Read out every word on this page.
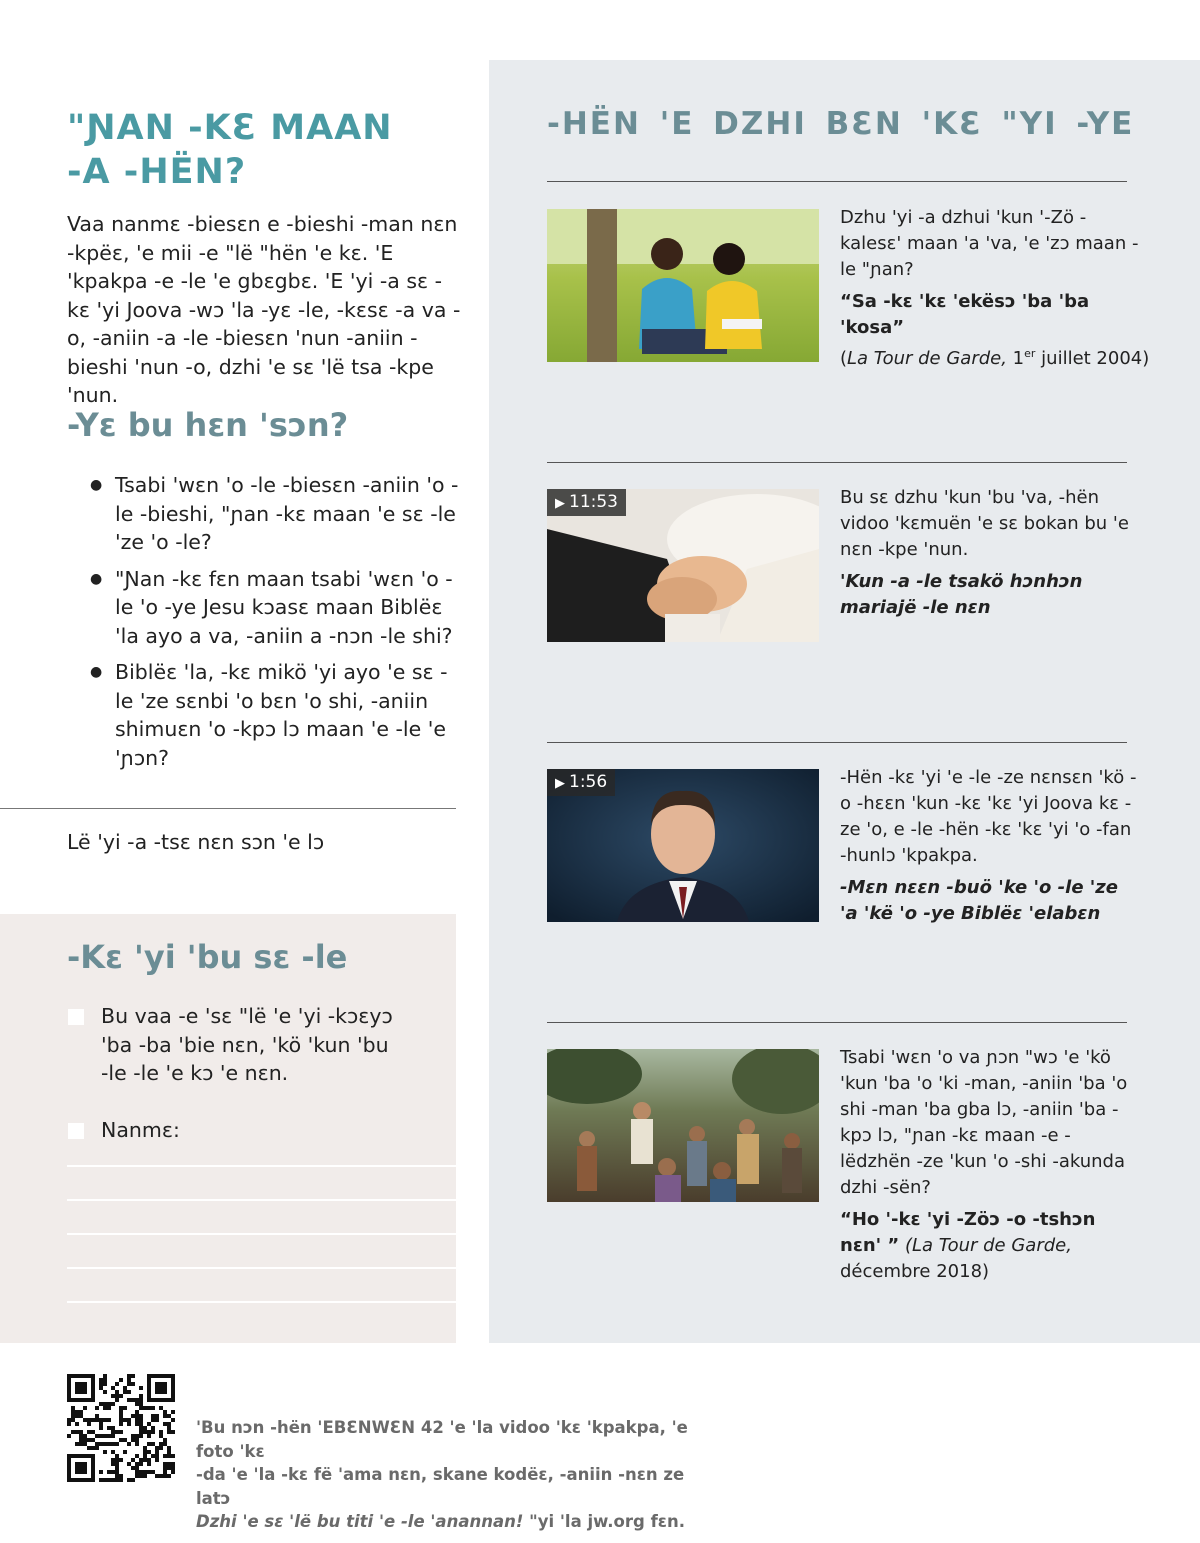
"ƝAN -KƐ MAAN
-A -HËN?
Vaa nanmɛ -biesɛn e -bieshi -man nɛn -kpëɛ, 'e mii -e "lë "hën 'e kɛ. 'E 'kpakpa -e -le 'e gbɛgbɛ. 'E 'yi -a sɛ -kɛ 'yi Joova -wɔ 'la -yɛ -le, -kɛsɛ -a va -o, -aniin -a -le -biesɛn 'nun -aniin -bieshi 'nun -o, dzhi 'e sɛ 'lë tsa -kpe 'nun.
-Yɛ bu hɛn 'sɔn?
● Tsabi 'wɛn 'o -le -biesɛn -aniin 'o -le -bieshi, "ɲan -kɛ maan 'e sɛ -le 'ze 'o -le?
● "Ɲan -kɛ fɛn maan tsabi 'wɛn 'o -le 'o -ye Jesu kɔasɛ maan Biblëɛ 'la ayo a va, -aniin a -nɔn -le shi?
● Biblëɛ 'la, -kɛ mikö 'yi ayo 'e sɛ -le 'ze sɛnbi 'o bɛn 'o shi, -aniin shimuɛn 'o -kpɔ lɔ maan 'e -le 'e 'ɲɔn?
Lë 'yi -a -tsɛ nɛn sɔn 'e lɔ
-Kɛ 'yi 'bu sɛ -le
Bu vaa -e 'sɛ "lë 'e 'yi -kɔɛyɔ 'ba -ba 'bie nɛn, 'kö 'kun 'bu -le -le 'e kɔ 'e nɛn.
Nanmɛ:
-HËN 'E DZHI BƐN 'KƐ "YI -YE
Dzhu 'yi -a dzhui 'kun '-Zö -kalesɛ' maan 'a 'va, 'e 'zɔ maan -le "ɲan?
“Sa -kɛ 'kɛ 'ekësɔ 'ba 'ba 'kosa”
(La Tour de Garde, 1er juillet 2004)
▶ 11:53	Bu sɛ dzhu 'kun 'bu 'va, -hën vidoo 'kɛmuën 'e sɛ bokan bu 'e nɛn -kpe 'nun.
'Kun -a -le tsakö hɔnhɔn mariajë -le nɛn
▶ 1:56	-Hën -kɛ 'yi 'e -le -ze nɛnsɛn 'kö -o -hɛɛn 'kun -kɛ 'kɛ 'yi Joova kɛ -ze 'o, e -le -hën -kɛ 'kɛ 'yi 'o -fan -hunlɔ 'kpakpa.
-Mɛn nɛɛn -buö 'ke 'o -le 'ze 'a 'kë 'o -ye Biblëɛ 'elabɛn
Tsabi 'wɛn 'o va ɲɔn "wɔ 'e 'kö 'kun 'ba 'o 'ki -man, -aniin 'ba 'o shi -man 'ba gba lɔ, -aniin 'ba -kpɔ lɔ, "ɲan -kɛ maan -e -lëdzhën -ze 'kun 'o -shi -akunda dzhi -sën?
“Ho '-kɛ 'yi -Zöɔ -o -tshɔn nɛn' ” (La Tour de Garde,
décembre 2018)
'Bu nɔn -hën 'EBƐNWƐN 42 'e 'la vidoo 'kɛ 'kpakpa, 'e foto 'kɛ
-da 'e 'la -kɛ fë 'ama nɛn, skane kodëɛ, -aniin -nɛn ze latɔ
Dzhi 'e sɛ 'lë bu titi 'e -le 'anannan! "yi 'la jw.org fɛn.
